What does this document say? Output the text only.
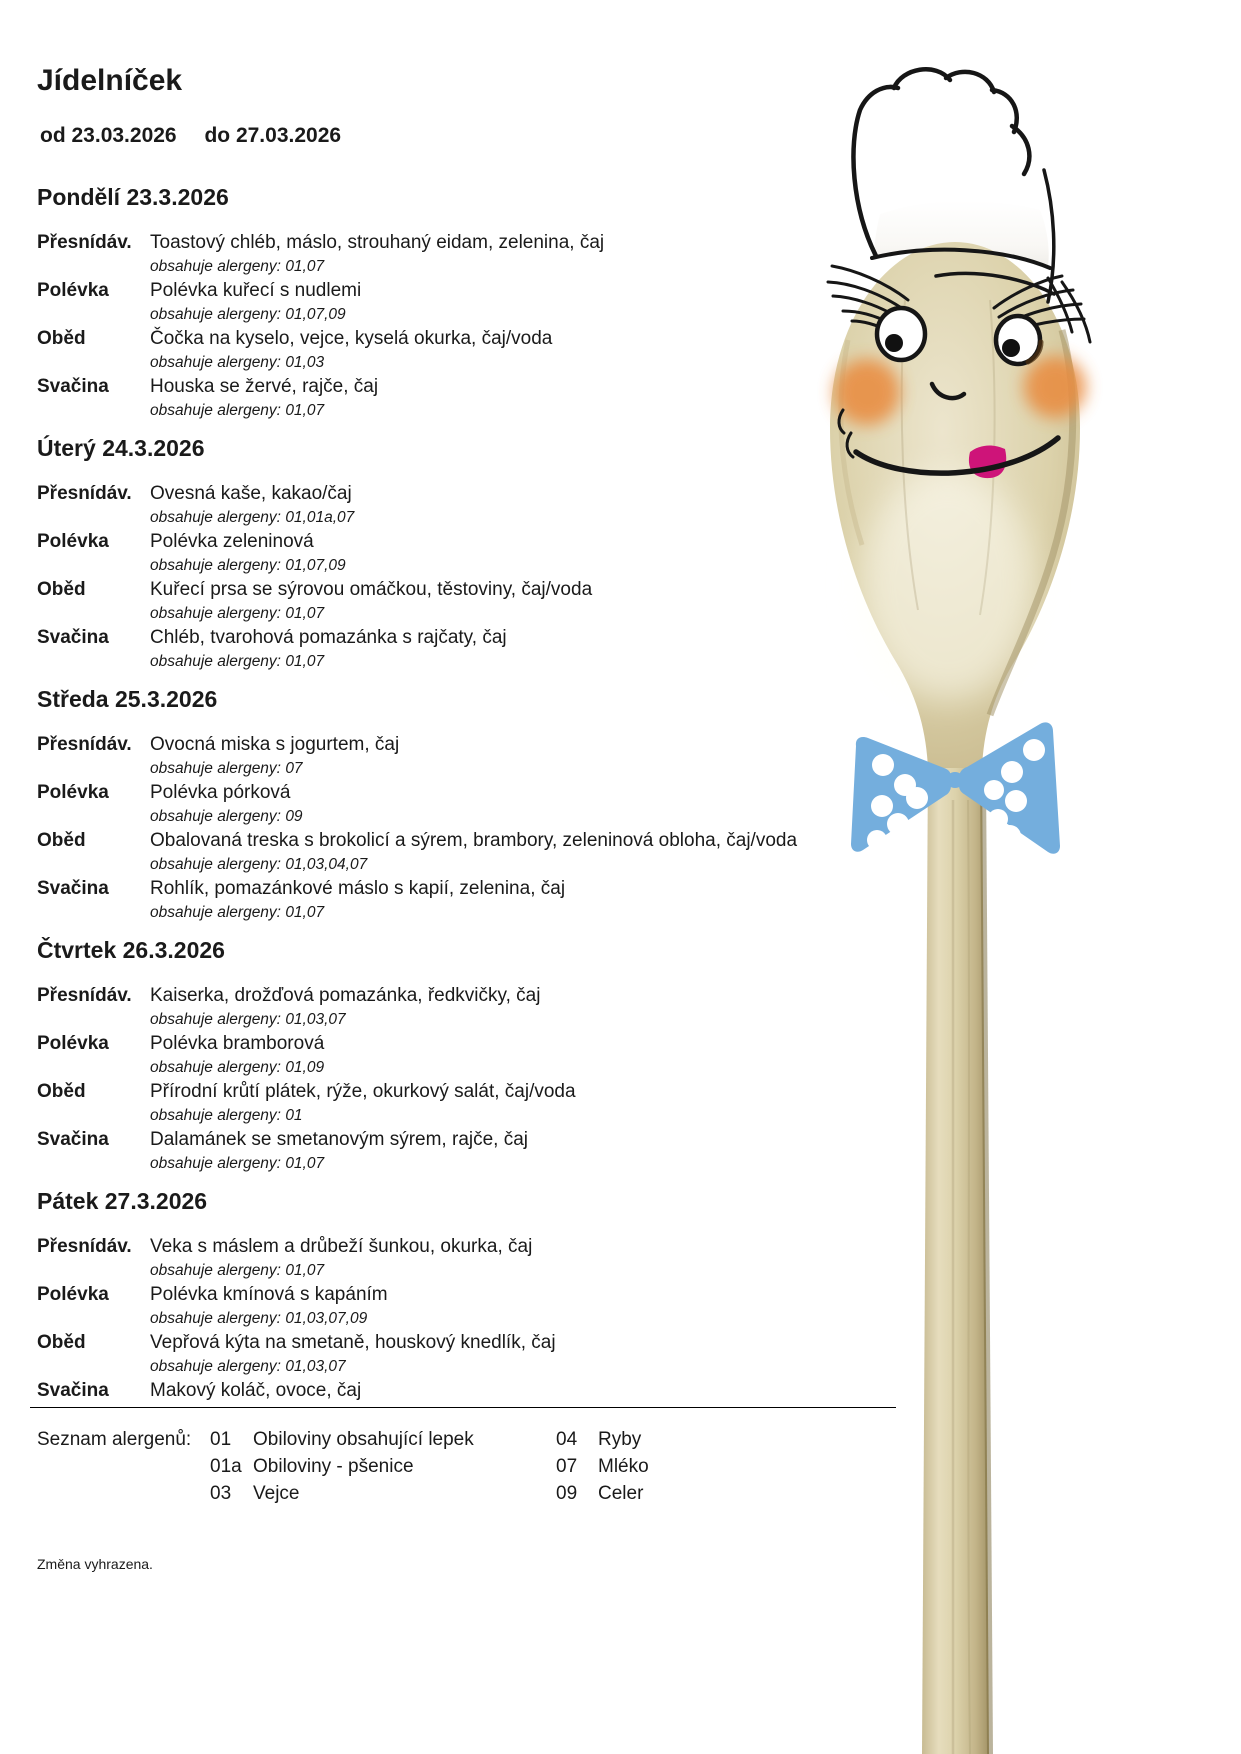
Jídelníček
od 23.03.2026 do 27.03.2026
Pondělí 23.3.2026
Přesnídáv. Toastový chléb, máslo, strouhaný eidam, zelenina, čaj
obsahuje alergeny: 01,07
Polévka Polévka kuřecí s nudlemi
obsahuje alergeny: 01,07,09
Oběd	Čočka na kyselo, vejce, kyselá okurka, čaj/voda
obsahuje alergeny: 01,03
Svačina Houska se žervé, rajče, čaj
obsahuje alergeny: 01,07
Úterý 24.3.2026
Přesnídáv. Ovesná kaše, kakao/čaj
obsahuje alergeny: 01,01a,07
Polévka Polévka zeleninová
obsahuje alergeny: 01,07,09
Oběd	Kuřecí prsa se sýrovou omáčkou, těstoviny, čaj/voda
obsahuje alergeny: 01,07
Svačina Chléb, tvarohová pomazánka s rajčaty, čaj
obsahuje alergeny: 01,07
Středa 25.3.2026
Přesnídáv. Ovocná miska s jogurtem, čaj
obsahuje alergeny: 07
Polévka Polévka pórková
obsahuje alergeny: 09
Oběd	Obalovaná treska s brokolicí a sýrem, brambory, zeleninová obloha, čaj/voda
obsahuje alergeny: 01,03,04,07
Svačina Rohlík, pomazánkové máslo s kapií, zelenina, čaj
obsahuje alergeny: 01,07
Čtvrtek 26.3.2026
Přesnídáv. Kaiserka, drožďová pomazánka, ředkvičky, čaj
obsahuje alergeny: 01,03,07
Polévka Polévka bramborová
obsahuje alergeny: 01,09
Oběd	Přírodní krůtí plátek, rýže, okurkový salát, čaj/voda
obsahuje alergeny: 01
Svačina Dalamánek se smetanovým sýrem, rajče, čaj
obsahuje alergeny: 01,07
Pátek 27.3.2026
Přesnídáv. Veka s máslem a drůbeží šunkou, okurka, čaj
obsahuje alergeny: 01,07
Polévka Polévka kmínová s kapáním
obsahuje alergeny: 01,03,07,09
Oběd	Vepřová kýta na smetaně, houskový knedlík, čaj
obsahuje alergeny: 01,03,07
Svačina Makový koláč, ovoce, čaj
Seznam alergenů: 01 Obiloviny obsahující lepek	04 Ryby
01a Obiloviny - pšenice	07 Mléko
03 Vejce	09 Celer
Změna vyhrazena.
